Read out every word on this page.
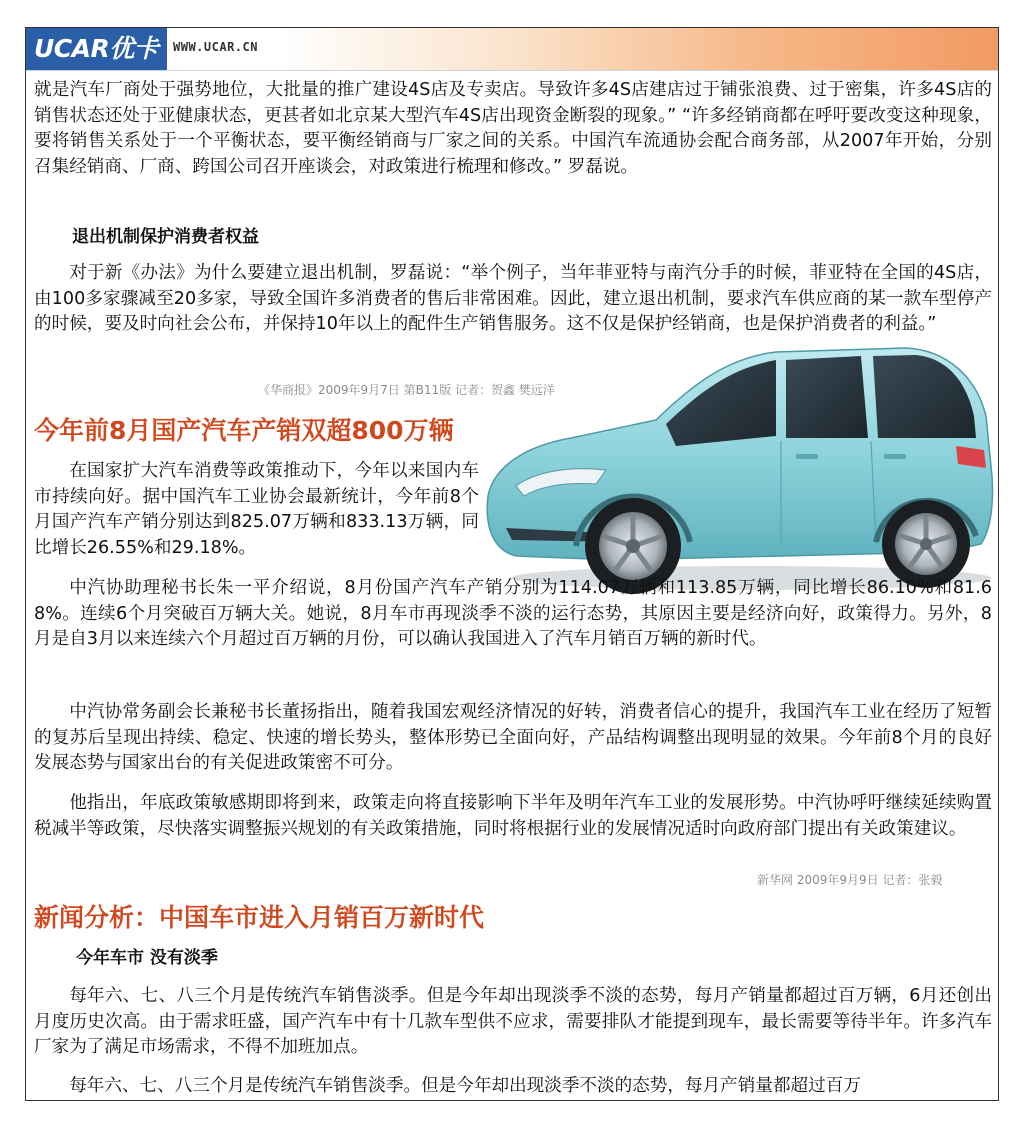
UCAR优卡	WWW.UCAR.CN

就是汽车厂商处于强势地位，大批量的推广建设4S店及专卖店。导致许多4S店建店过于铺张浪费、过于密集，许多4S店的销售状态还处于亚健康状态，更甚者如北京某大型汽车4S店出现资金断裂的现象。” “许多经销商都在呼吁要改变这种现象，要将销售关系处于一个平衡状态，要平衡经销商与厂家之间的关系。中国汽车流通协会配合商务部，从2007年开始，分别召集经销商、厂商、跨国公司召开座谈会，对政策进行梳理和修改。” 罗磊说。

退出机制保护消费者权益

对于新《办法》为什么要建立退出机制，罗磊说：“举个例子，当年菲亚特与南汽分手的时候，菲亚特在全国的4S店，由100多家骤减至20多家，导致全国许多消费者的售后非常困难。因此，建立退出机制，要求汽车供应商的某一款车型停产的时候，要及时向社会公布，并保持10年以上的配件生产销售服务。这不仅是保护经销商，也是保护消费者的利益。”

《华商报》2009年9月7日 第B11版 记者：贺鑫 樊远洋

今年前8月国产汽车产销双超800万辆

在国家扩大汽车消费等政策推动下，今年以来国内车市持续向好。据中国汽车工业协会最新统计，今年前8个月国产汽车产销分别达到825.07万辆和833.13万辆，同比增长26.55%和29.18%。

中汽协助理秘书长朱一平介绍说，8月份国产汽车产销分别为114.07万辆和113.85万辆，同比增长86.10%和81.68%。连续6个月突破百万辆大关。她说，8月车市再现淡季不淡的运行态势，其原因主要是经济向好，政策得力。另外，8月是自3月以来连续六个月超过百万辆的月份，可以确认我国进入了汽车月销百万辆的新时代。

中汽协常务副会长兼秘书长董扬指出，随着我国宏观经济情况的好转，消费者信心的提升，我国汽车工业在经历了短暂的复苏后呈现出持续、稳定、快速的增长势头，整体形势已全面向好，产品结构调整出现明显的效果。今年前8个月的良好发展态势与国家出台的有关促进政策密不可分。

他指出，年底政策敏感期即将到来，政策走向将直接影响下半年及明年汽车工业的发展形势。中汽协呼吁继续延续购置税减半等政策，尽快落实调整振兴规划的有关政策措施，同时将根据行业的发展情况适时向政府部门提出有关政策建议。

新华网 2009年9月9日 记者：张毅

新闻分析：中国车市进入月销百万新时代

今年车市 没有淡季

每年六、七、八三个月是传统汽车销售淡季。但是今年却出现淡季不淡的态势，每月产销量都超过百万辆，6月还创出月度历史次高。由于需求旺盛，国产汽车中有十几款车型供不应求，需要排队才能提到现车，最长需要等待半年。许多汽车厂家为了满足市场需求，不得不加班加点。

每年六、七、八三个月是传统汽车销售淡季。但是今年却出现淡季不淡的态势，每月产销量都超过百万
